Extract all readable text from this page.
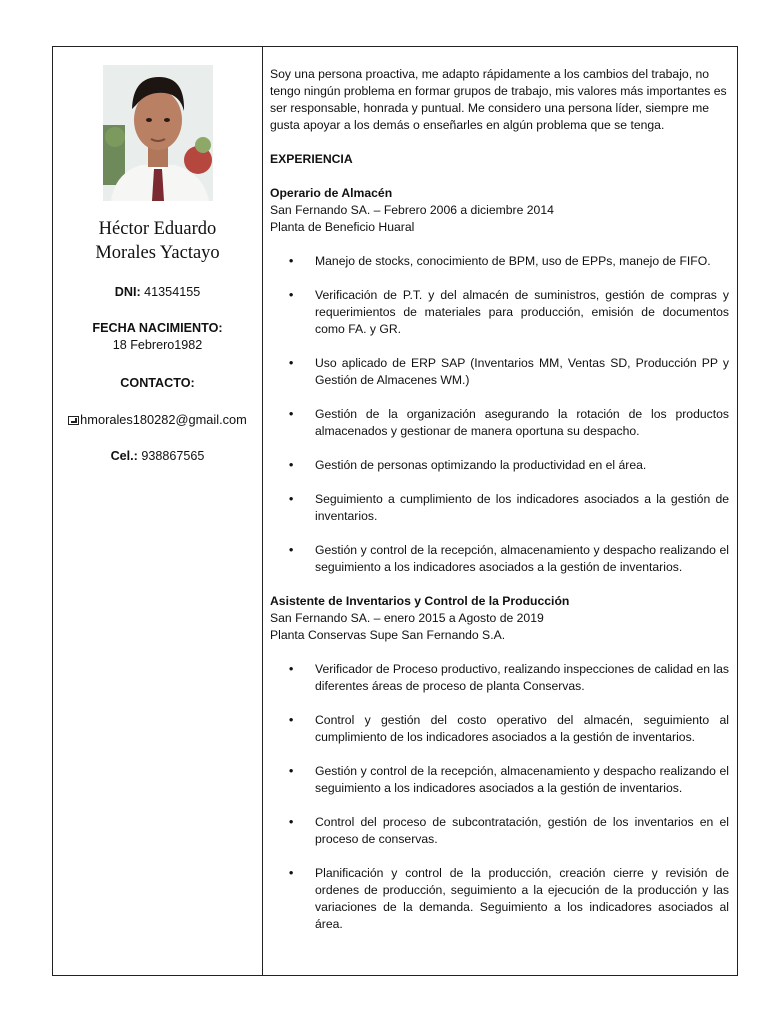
Héctor Eduardo
Morales Yactayo
DNI: 41354155
FECHA NACIMIENTO:
18 Febrero1982
CONTACTO:
hmorales180282@gmail.com
Cel.: 938867565

Soy una persona proactiva, me adapto rápidamente a los cambios del trabajo, no tengo ningún problema en formar grupos de trabajo, mis valores más importantes es ser responsable, honrada y puntual. Me considero una persona líder, siempre me gusta apoyar a los demás o enseñarles en algún problema que se tenga.

EXPERIENCIA

Operario de Almacén

San Fernando SA. – Febrero 2006 a diciembre 2014

Planta de Beneficio Huaral

• Manejo de stocks, conocimiento de BPM, uso de EPPs, manejo de FIFO.
• Verificación de P.T. y del almacén de suministros, gestión de compras y requerimientos de materiales para producción, emisión de documentos como FA. y GR.
• Uso aplicado de ERP SAP (Inventarios MM, Ventas SD, Producción PP y Gestión de Almacenes WM.)
• Gestión de la organización asegurando la rotación de los productos almacenados y gestionar de manera oportuna su despacho.
• Gestión de personas optimizando la productividad en el área.
• Seguimiento a cumplimiento de los indicadores asociados a la gestión de inventarios.
• Gestión y control de la recepción, almacenamiento y despacho realizando el seguimiento a los indicadores asociados a la gestión de inventarios.

Asistente de Inventarios y Control de la Producción

San Fernando SA. – enero 2015 a Agosto de 2019

Planta Conservas Supe San Fernando S.A.

• Verificador de Proceso productivo, realizando inspecciones de calidad en las diferentes áreas de proceso de planta Conservas.
• Control y gestión del costo operativo del almacén, seguimiento al cumplimiento de los indicadores asociados a la gestión de inventarios.
• Gestión y control de la recepción, almacenamiento y despacho realizando el seguimiento a los indicadores asociados a la gestión de inventarios.
• Control del proceso de subcontratación, gestión de los inventarios en el proceso de conservas.
• Planificación y control de la producción, creación cierre y revisión de ordenes de producción, seguimiento a la ejecución de la producción y las variaciones de la demanda. Seguimiento a los indicadores asociados al área.
